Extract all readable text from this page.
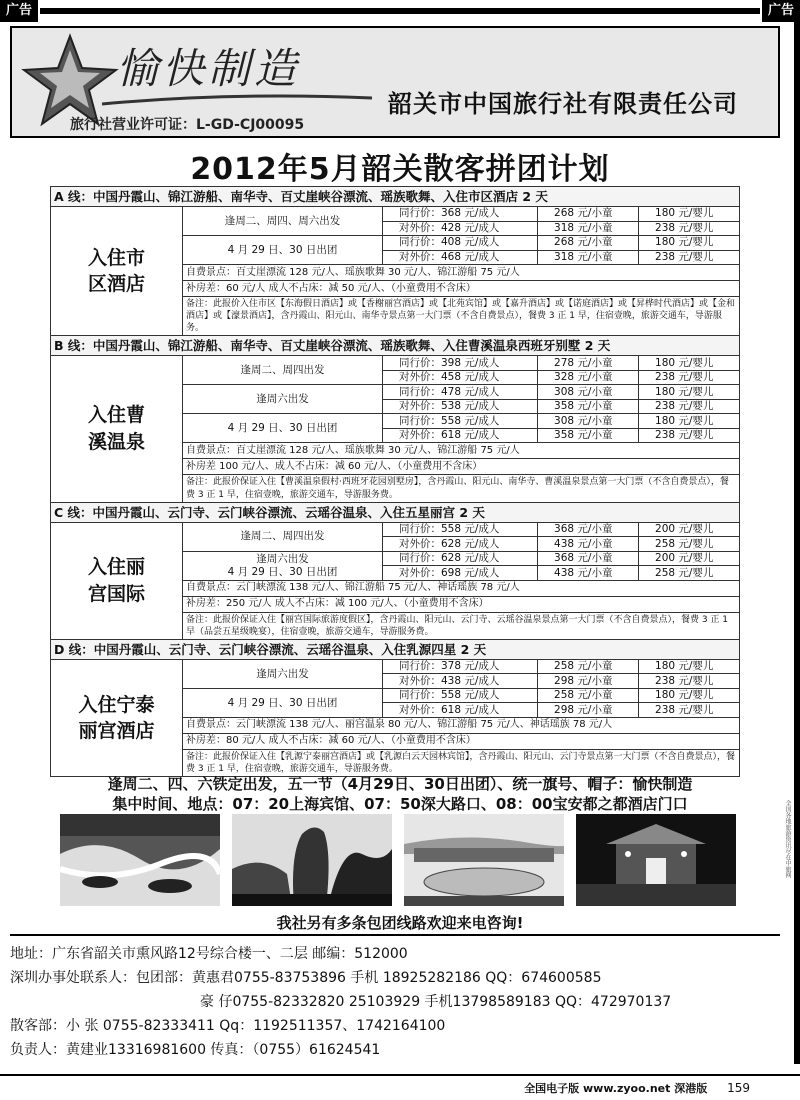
广告	广告
愉快制造
旅行社营业许可证：L-GD-CJ00095
韶关市中国旅行社有限责任公司
2012年5月韶关散客拼团计划
A 线：中国丹霞山、锦江游船、南华寺、百丈崖峡谷漂流、瑶族歌舞、入住市区酒店 2 天				

入住市
区酒店	逢周二、周四、周六出发	同行价：368 元/成人	268 元/小童	180 元/婴儿
		对外价：428 元/成人	318 元/小童	238 元/婴儿

	4 月 29 日、30 日出团	同行价：408 元/成人	268 元/小童	180 元/婴儿
		对外价：468 元/成人	318 元/小童	238 元/婴儿
	自费景点：百丈崖漂流 128 元/人、瑶族歌舞 30 元/人、锦江游船 75 元/人			
	补房差：60 元/人 成人不占床：减 50 元/人、（小童费用不含床）			
	备注：此报价入住市区【东海假日酒店】或【香榭丽宫酒店】或【北苑宾馆】或【嘉升酒店】或【诺庭酒店】或【昇桦时代酒店】或【金和酒店】或【濠景酒店】，含丹霞山、阳元山、南华寺景点第一大门票（不含自费景点），餐费 3 正 1 早，住宿壹晚，旅游交通车，导游服务。			
B 线：中国丹霞山、锦江游船、南华寺、百丈崖峡谷漂流、瑶族歌舞、入住曹溪温泉西班牙别墅 2 天				

入住曹
溪温泉	逢周二、周四出发	同行价：398 元/成人	278 元/小童	180 元/婴儿
		对外价：458 元/成人	328 元/小童	238 元/婴儿

	逢周六出发	同行价：478 元/成人	308 元/小童	180 元/婴儿
		对外价：538 元/成人	358 元/小童	238 元/婴儿

	4 月 29 日、30 日出团	同行价：558 元/成人	308 元/小童	180 元/婴儿
		对外价：618 元/成人	358 元/小童	238 元/婴儿
	自费景点：百丈崖漂流 128 元/人、瑶族歌舞 30 元/人、锦江游船 75 元/人			
	补房差 100 元/人、成人不占床：减 60 元/人、（小童费用不含床）			
	备注：此报价保证入住【曹溪温泉假村·西班牙花园别墅房】，含丹霞山、阳元山、南华寺、曹溪温泉景点第一大门票（不含自费景点），餐费 3 正 1 早，住宿壹晚，旅游交通车，导游服务费。			
C 线：中国丹霞山、云门寺、云门峡谷漂流、云瑶谷温泉、入住五星丽宫 2 天				

入住丽
宫国际	逢周二、周四出发	同行价：558 元/成人	368 元/小童	200 元/婴儿
		对外价：628 元/成人	438 元/小童	258 元/婴儿

	逢周六出发
4 月 29 日、30 日出团	同行价：628 元/成人	368 元/小童	200 元/婴儿
		对外价：698 元/成人	438 元/小童	258 元/婴儿
	自费景点：云门峡漂流 138 元/人、锦江游船 75 元/人、神话瑶族 78 元/人			
	补房差：250 元/人 成人不占床：减 100 元/人、（小童费用不含床）			
	备注：此报价保证入住【丽宫国际旅游度假区】，含丹霞山、阳元山、云门寺、云瑶谷温泉景点第一大门票（不含自费景点），餐费 3 正 1 早（品尝五星级晚宴），住宿壹晚，旅游交通车，导游服务费。			
D 线：中国丹霞山、云门寺、云门峡谷漂流、云瑶谷温泉、入住乳源四星 2 天				

入住宁泰
丽宫酒店	逢周六出发	同行价：378 元/成人	258 元/小童	180 元/婴儿
		对外价：438 元/成人	298 元/小童	238 元/婴儿

	4 月 29 日、30 日出团	同行价：558 元/成人	258 元/小童	180 元/婴儿
		对外价：618 元/成人	298 元/小童	238 元/婴儿
	自费景点：云门峡漂流 138 元/人、丽宫温泉 80 元/人、锦江游船 75 元/人、神话瑶族 78 元/人			
	补房差：80 元/人 成人不占床：减 60 元/人、（小童费用不含床）			
	备注：此报价保证入住【乳源宁泰丽宫酒店】或【乳源白云天园林宾馆】，含丹霞山、阳元山、云门寺景点第一大门票（不含自费景点），餐费 3 正 1 早，住宿壹晚，旅游交通车，导游服务费。			
逢周二、四、六铁定出发，五一节（4月29日、30日出团）、统一旗号、帽子：愉快制造
集中时间、地点：07：20上海宾馆、07：50深大路口、08：00宝安都之都酒店门口
我社另有多条包团线路欢迎来电咨询!
地址：广东省韶关市熏风路12号综合楼一、二层 邮编：512000
深圳办事处联系人：包团部：黄惠君0755-83753896 手机 18925282186 QQ：674600585
豪 仔0755-82332820 25103929 手机13798589183 QQ：472970137
散客部：小 张 0755-82333411 Qq：1192511357、1742164100
负责人：黄建业13316981600 传真：（0755）61624541
全国各地旅游资讯尽在中旅网
全国电子版 www.zyoo.net 深港版 159
